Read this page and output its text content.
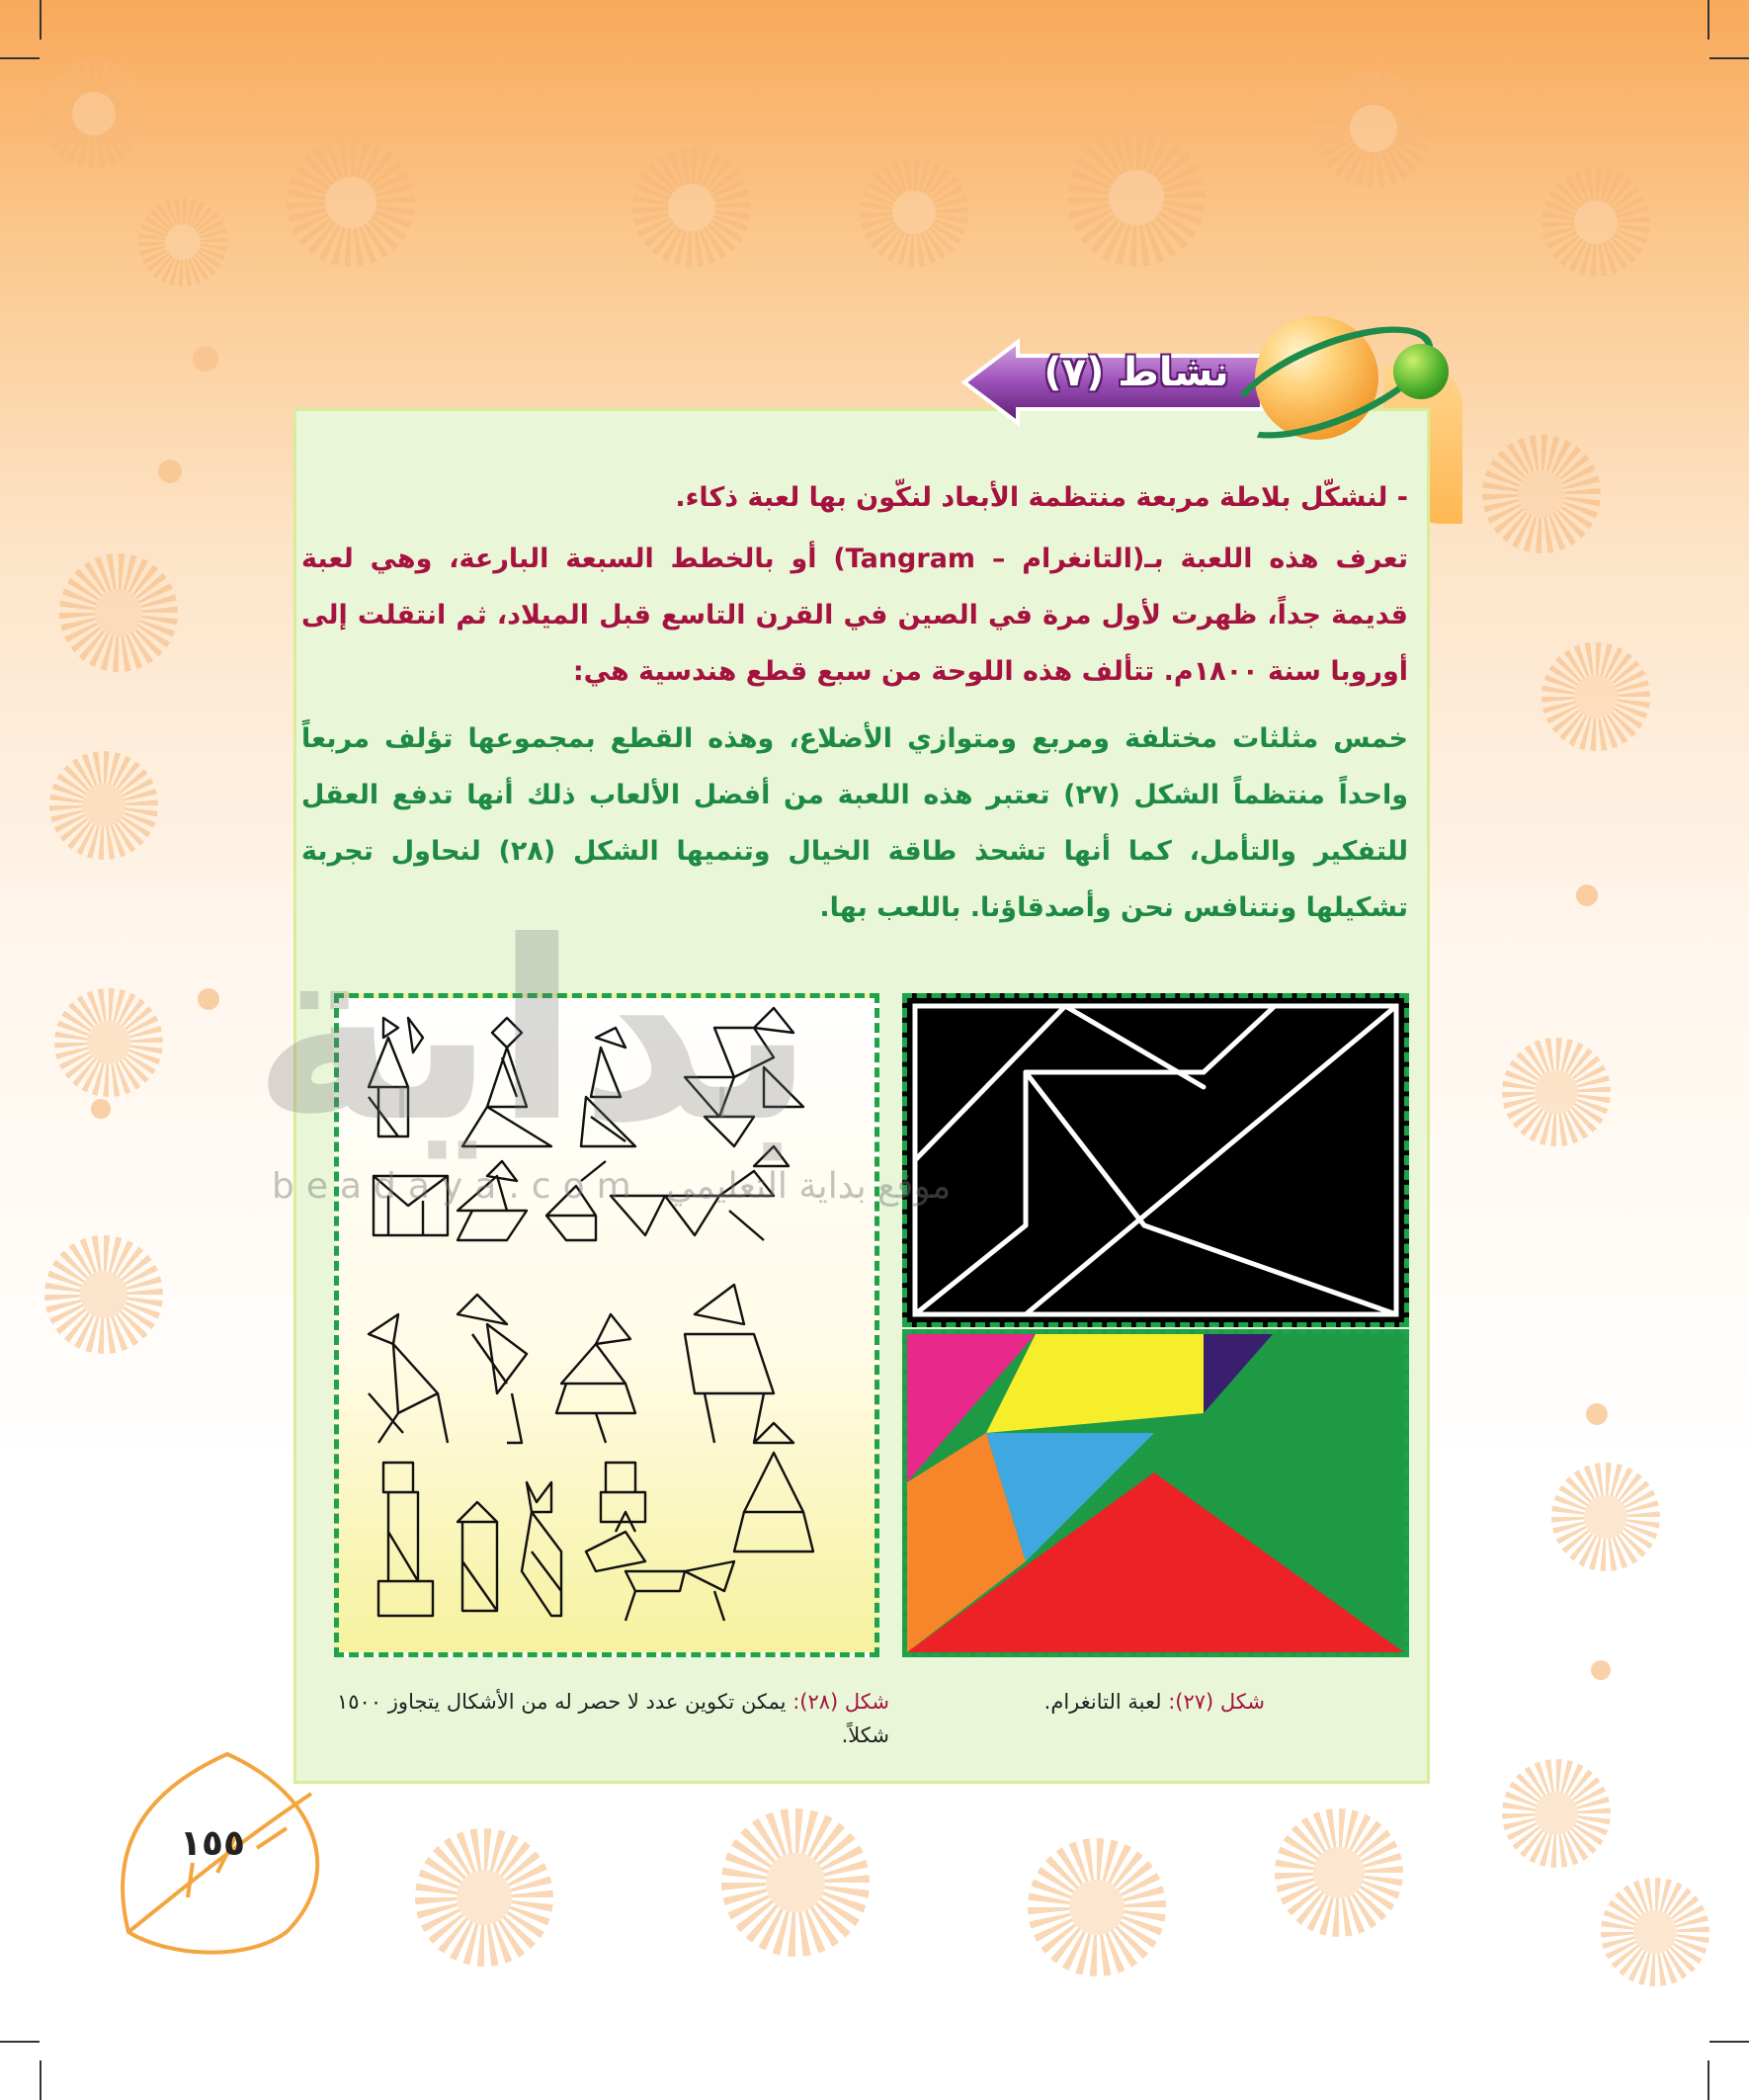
نشاط (٧)

- لنشكّل بلاطة مربعة منتظمة الأبعاد لنكّون بها لعبة ذكاء.

تعرف هذه اللعبة بـ(التانغرام – Tangram) أو بالخطط السبعة البارعة، وهي لعبة قديمة جداً، ظهرت لأول مرة في الصين في القرن التاسع قبل الميلاد، ثم انتقلت إلى أوروبا سنة ١٨٠٠م. تتألف هذه اللوحة من سبع قطع هندسية هي:

خمس مثلثات مختلفة ومربع ومتوازي الأضلاع، وهذه القطع بمجموعها تؤلف مربعاً واحداً منتظماً الشكل (٢٧) تعتبر هذه اللعبة من أفضل الألعاب ذلك أنها تدفع العقل للتفكير والتأمل، كما أنها تشحذ طاقة الخيال وتنميها الشكل (٢٨) لنحاول تجربة تشكيلها ونتنافس نحن وأصدقاؤنا. باللعب بها.

بداية
beadaya.com موقع بداية التعليمي

شكل (٢٧): لعبة التانغرام.

شكل (٢٨): يمكن تكوين عدد لا حصر له من الأشكال يتجاوز ١٥٠٠ شكلاً.

١٥٥
